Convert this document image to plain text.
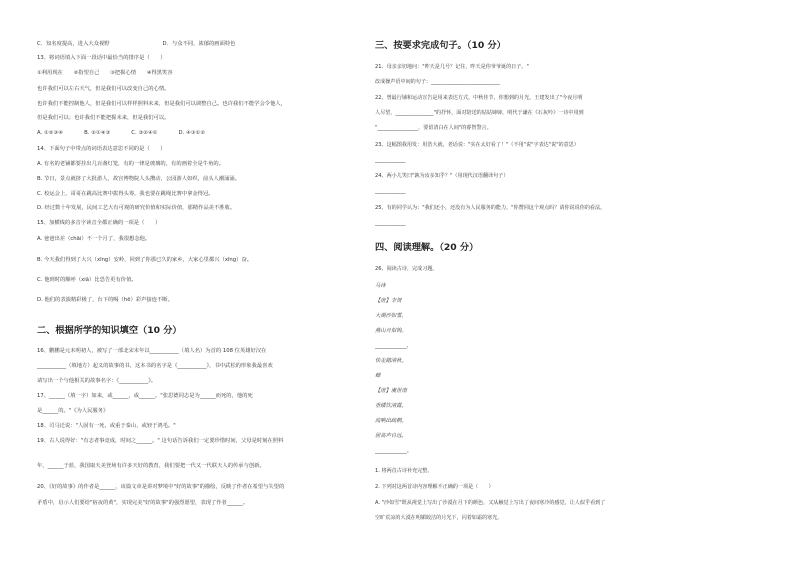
C．知名度提高，进入大众视野　　　　　　　　　　D．与众不同，浓郁的画面特色
13、将词语填入下面一段话中最恰当的排序是（　　）
①利用现在　　②指望自己　　③把握心情　　④得黑笑容
也许我们可以左右天气，但是我们可以改变自己的心情。
也许我们不能控制他人，但是我们可以样样照料未来，但是我们可以调整自己。也许我们不能学会令他人，
但是我们可以；也许我们不能把握未来，但是我们可以。
A. ①②③④　　　　B. ②①④③　　　　C. ③②④①　　　　D. ④③①②
14、下面句子中带点的词语表达意思不同的是（　　）
A. 有名的老铺都要挂出几百盏灯笼，有的一律是玻璃的，有的画着全是牛角的。
B. 节日，景点就挤了大批游人，故宫博物院人头攒动，公园游人如织，前头人潮涌涌。
C. 校运会上，哥哥在跳高比赛中拔得头筹，我也要在跳绳比赛中拿金得冠。
D. 经过数十年发展，民间工艺大有可观的研究价值和实际价值，那精作品美不胜收。
15、加横线的多音字读音全都正确的一项是（　　）
A. 爸爸出差（chāi）不一个月了，我很想念他。
B. 今天我们得到了大兴（xīng）安岭，回到了你那已久的家乡，大家心里都兴（xīng）奋。
C. 他到时的顺呼（xiā）比恐告更有价值。
D. 他们的表演精彩极了，台下的喝（hē）彩声接连不断。
二、根据所学的知识填空（10 分）
16、鹏鹏是元末明初人，被写了一部北宋末年以___________（填人名）为首的 108 位英雄好汉在
___________（填地方）起义的故事的书，这本书的名字是《___________》，书中武松的形象我最喜欢
请写出一个与他相关的故事名字：《___________》。
17、______（填一字）如来，或______，或______。"张思德同志是为______而死的，他的死
是______的。"《为人民服务》
18、司马迁说："人固有一死，或重于泰山，或轻于鸿毛。"
19、古人说得好："有志者事竟成，时间之______。" 这句话告诉我们一定要珍惜时间，父母是时刻在照料
年，______于蓝，我国取天美登场有许多天好的教育，我们要把一代又一代联天人的传承与创新。
20、《好的故事》的作者是______，该篇文章是讲对梦境中"好的故事"的描绘，反映了作者在希望与失望的
矛盾中，启示人们要给"宿夜的黄"，实现完美"好的故事"的强烈愿望，表现了作者______。
三、按要求完成句子。（10 分）
21、母亲亲切地问："昨天是几号？记住，昨天是你爷爷诞的日子。"
改成操声语中间的句子：___________________________
22、曾最行铺和运动宣告是用来表达方式，中秋佳节，你想到的月光，王建发出了"今夜月明
人尽望，_______________"的抒怀，面对陪送的姑姑婶婶，明代于谦在《石灰吟》一诗中用到
"________________，要留清白在人间"的睿智警言。
23、这幅图我用发：用浩大就，老话说："实在太好看了！"（不用"说"字表达"说"的意思）
____________
24、两小儿笑曰"孰为汝多知乎？"（用现代汉语翻译句子）
____________
25、有的同学认为："我们还小，还没有为人民服务的能力。"你赞同这个观点吗？请你说说你的看法。
____________
四、阅读理解。（20 分）
26、阅读古诗，完成习题。
马诗
【唐】李贺
大漠沙如雪，
燕山月似钩。
____________，
快走踏清秋。
蝉
【唐】虞世南
垂緌饮清露，
流响出疏桐。
居高声自远，
____________。
1. 将两首古诗补充完整。
2. 下列对这两首诗内容理解不正确的一项是（　　）
A. "沙如雪"既从视觉上写出了沙漠在月下的颜色，又从触觉上写出了夜间寒冷的感觉，让人似乎看到了
空旷荒凉的大漠在明媚皎洁的月光下，闪着如霜的寒光。
